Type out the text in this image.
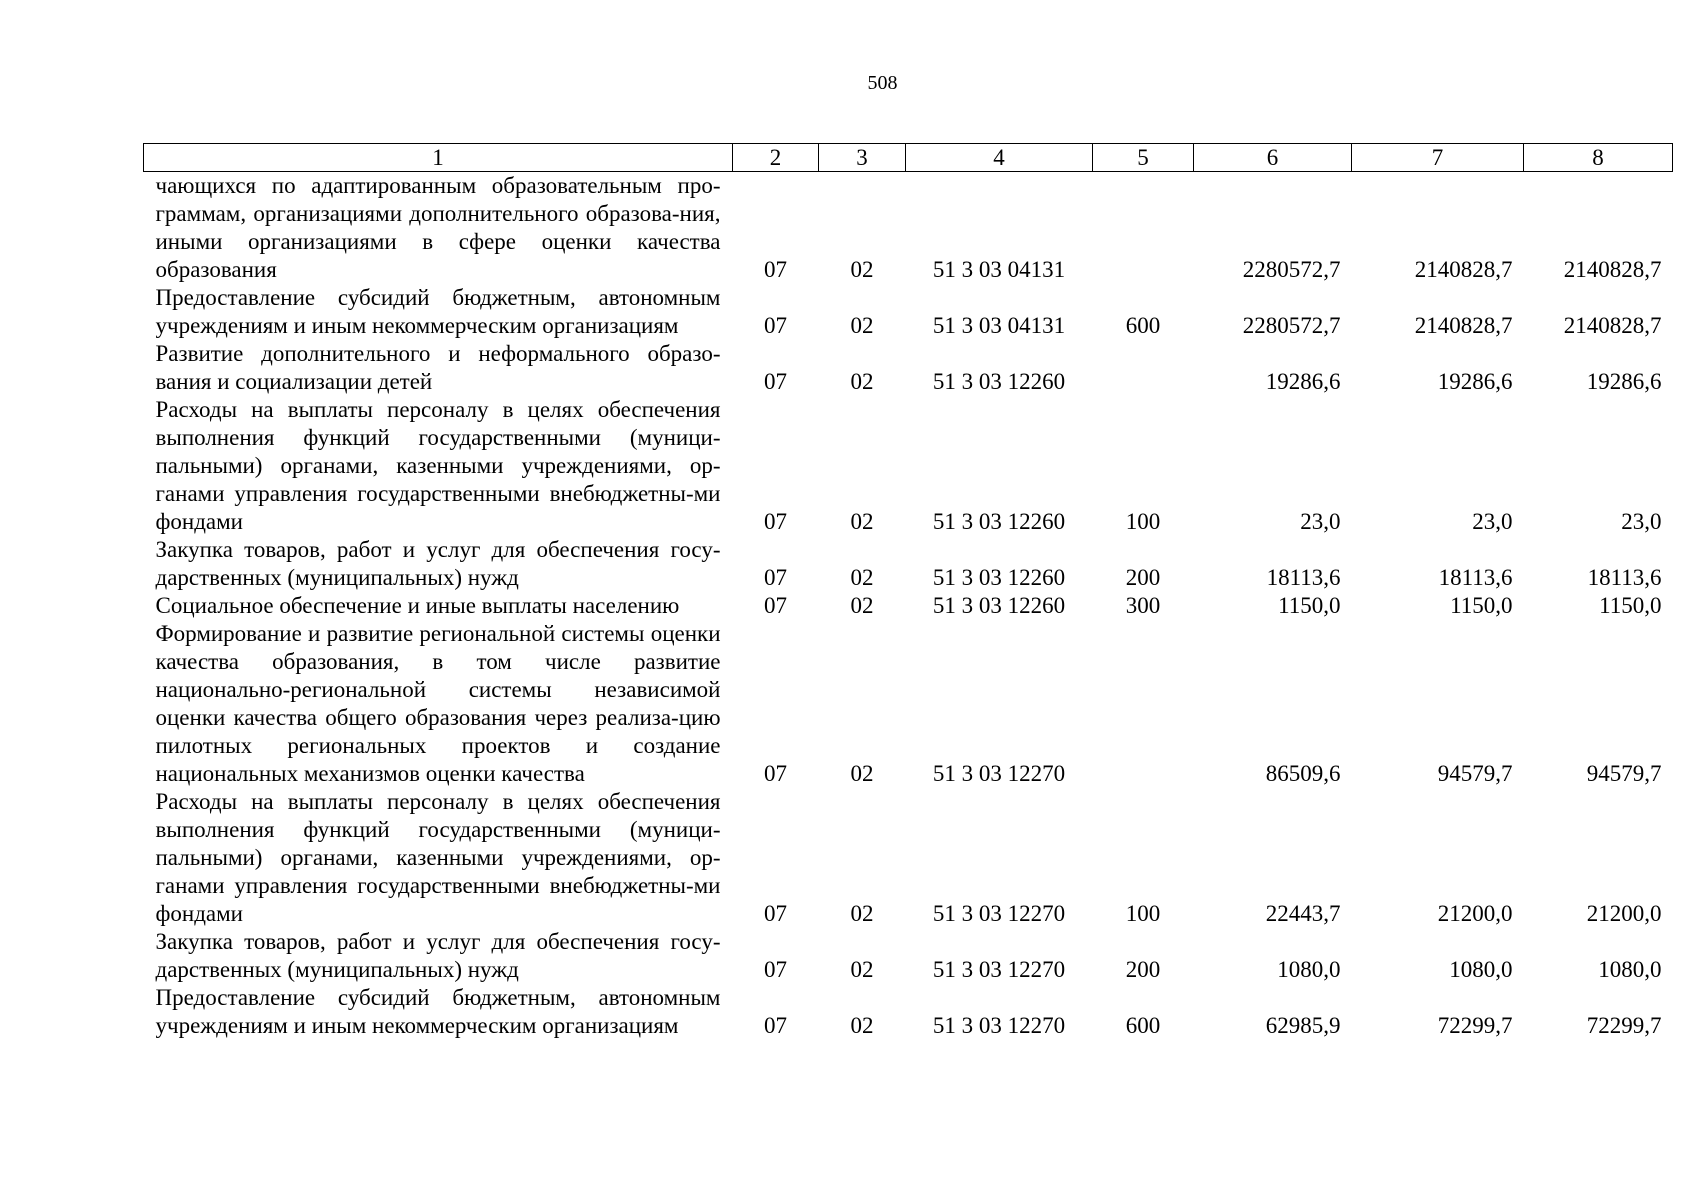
508
1	2	3	4	5	6	7	8
чающихся по адаптированным образовательным про-граммам, организациями дополнительного образова-ния, иными организациями в сфере оценки качества образования	07	02	51 3 03 04131		2280572,7	2140828,7	2140828,7
Предоставление субсидий бюджетным, автономным учреждениям и иным некоммерческим организациям	07	02	51 3 03 04131	600	2280572,7	2140828,7	2140828,7
Развитие дополнительного и неформального образо-вания и социализации детей	07	02	51 3 03 12260		19286,6	19286,6	19286,6
Расходы на выплаты персоналу в целях обеспечения выполнения функций государственными (муници-пальными) органами, казенными учреждениями, ор-ганами управления государственными внебюджетны-ми фондами	07	02	51 3 03 12260	100	23,0	23,0	23,0
Закупка товаров, работ и услуг для обеспечения госу-дарственных (муниципальных) нужд	07	02	51 3 03 12260	200	18113,6	18113,6	18113,6
Социальное обеспечение и иные выплаты населению	07	02	51 3 03 12260	300	1150,0	1150,0	1150,0
Формирование и развитие региональной системы оценки качества образования, в том числе развитие национально-региональной системы независимой оценки качества общего образования через реализа-цию пилотных региональных проектов и создание национальных механизмов оценки качества	07	02	51 3 03 12270		86509,6	94579,7	94579,7
Расходы на выплаты персоналу в целях обеспечения выполнения функций государственными (муници-пальными) органами, казенными учреждениями, ор-ганами управления государственными внебюджетны-ми фондами	07	02	51 3 03 12270	100	22443,7	21200,0	21200,0
Закупка товаров, работ и услуг для обеспечения госу-дарственных (муниципальных) нужд	07	02	51 3 03 12270	200	1080,0	1080,0	1080,0
Предоставление субсидий бюджетным, автономным учреждениям и иным некоммерческим организациям	07	02	51 3 03 12270	600	62985,9	72299,7	72299,7
